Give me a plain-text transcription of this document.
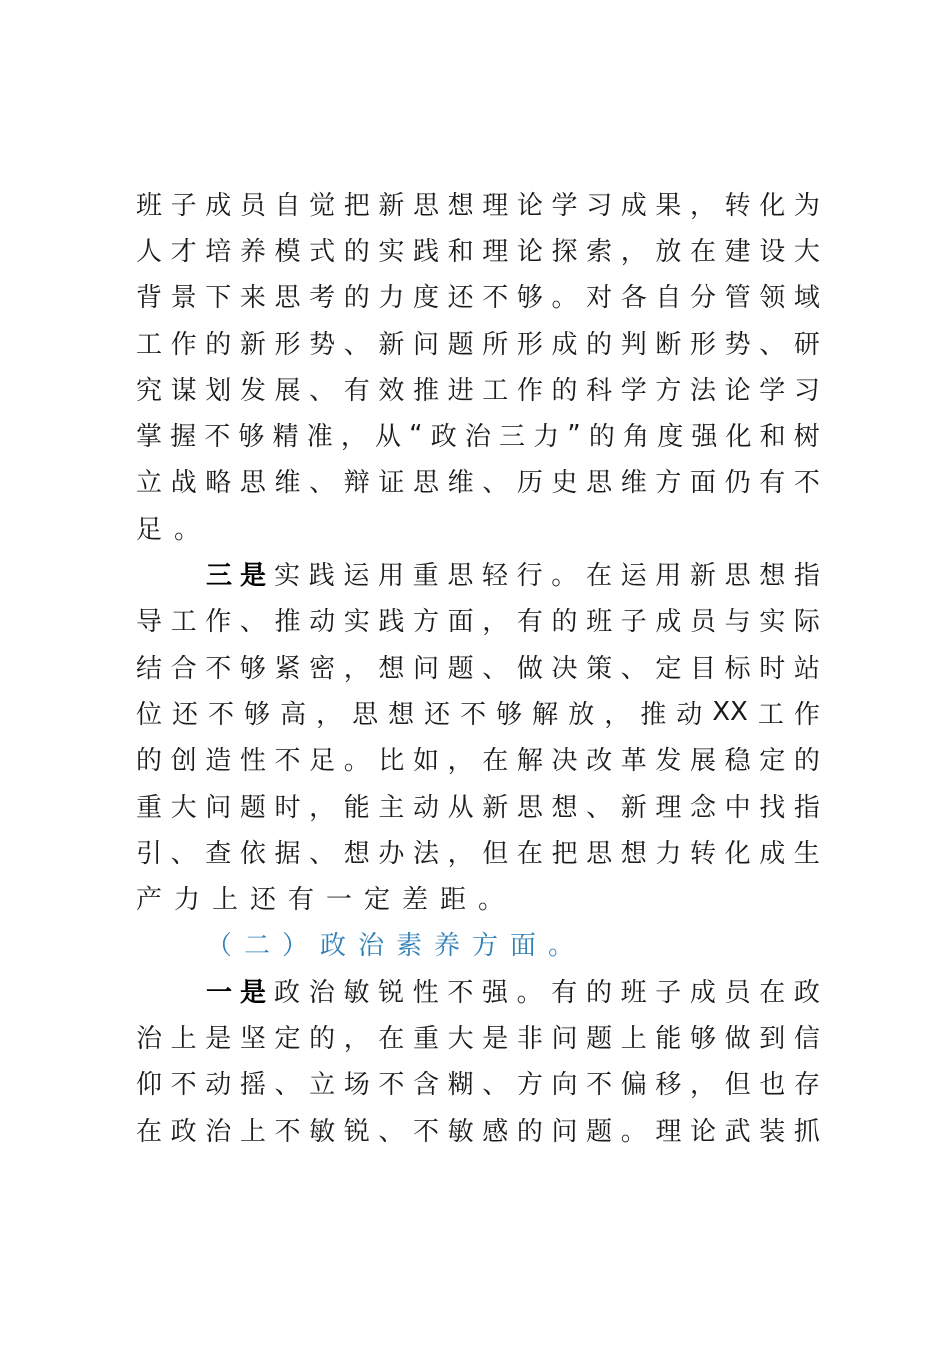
班 子 成 员 自 觉 把 新 思 想 理 论 学 习 成 果 ， 转 化 为
人 才 培 养 模 式 的 实 践 和 理 论 探 索 ， 放 在 建 设 大
背 景 下 来 思 考 的 力 度 还 不 够 。 对 各 自 分 管 领 域
工 作 的 新 形 势 、 新 问 题 所 形 成 的 判 断 形 势 、 研
究 谋 划 发 展 、 有 效 推 进 工 作 的 科 学 方 法 论 学 习
掌 握 不 够 精 准 ， 从 “ 政 治 三 力 ” 的 角 度 强 化 和 树
立 战 略 思 维 、 辩 证 思 维 、 历 史 思 维 方 面 仍 有 不
足。
三 是 实 践 运 用 重 思 轻 行 。 在 运 用 新 思 想 指
导 工 作 、 推 动 实 践 方 面 ， 有 的 班 子 成 员 与 实 际
结 合 不 够 紧 密 ， 想 问 题 、 做 决 策 、 定 目 标 时 站
位 还 不 够 高 ， 思 想 还 不 够 解 放 ， 推 动 XX 工 作
的 创 造 性 不 足 。 比 如 ， 在 解 决 改 革 发 展 稳 定 的
重 大 问 题 时 ， 能 主 动 从 新 思 想 、 新 理 念 中 找 指
引 、 查 依 据 、 想 办 法 ， 但 在 把 思 想 力 转 化 成 生
产力上还有一定差距。
（二）政治素养方面。
一 是 政 治 敏 锐 性 不 强 。 有 的 班 子 成 员 在 政
治 上 是 坚 定 的 ， 在 重 大 是 非 问 题 上 能 够 做 到 信
仰 不 动 摇 、 立 场 不 含 糊 、 方 向 不 偏 移 ， 但 也 存
在 政 治 上 不 敏 锐 、 不 敏 感 的 问 题 。 理 论 武 装 抓
